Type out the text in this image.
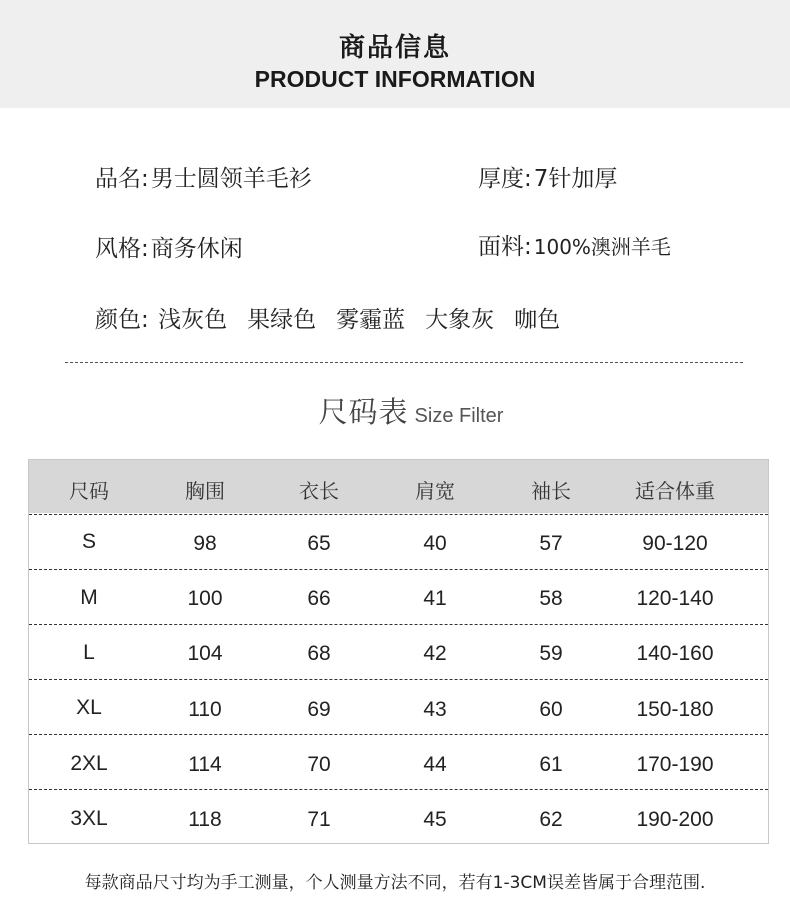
商品信息
PRODUCT INFORMATION
品名:男士圆领羊毛衫	厚度:7针加厚
风格:商务休闲	面料: 100%澳洲羊毛
颜色: 浅灰色 果绿色 雾霾蓝 大象灰 咖色
尺码表 Size Filter
尺码	胸围	衣长	肩宽	袖长	适合体重
S	98	65	40	57	90-120
M	100	66	41	58	120-140
L	104	68	42	59	140-160
XL	110	69	43	60	150-180
2XL	114	70	44	61	170-190
3XL	118	71	45	62	190-200
每款商品尺寸均为手工测量，个人测量方法不同，若有1-3CM误差皆属于合理范围.
